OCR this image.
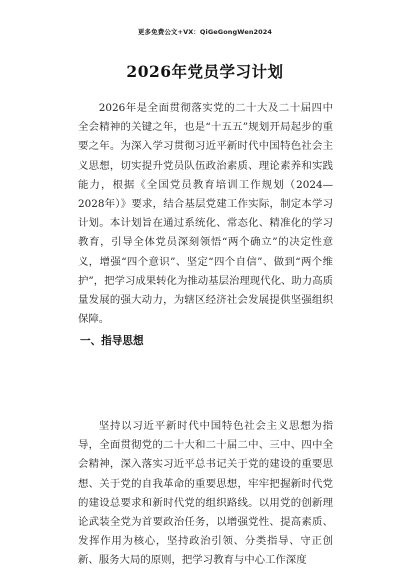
更多免费公文+VX：QiGeGongWen2024
2026年党员学习计划

2026年是全面贯彻落实党的二十大及二十届四中全会精神的关键之年，也是“十五五”规划开局起步的重要之年。为深入学习贯彻习近平新时代中国特色社会主义思想，切实提升党员队伍政治素质、理论素养和实践能力，根据《全国党员教育培训工作规划（2024—2028年）》要求，结合基层党建工作实际，制定本学习计划。本计划旨在通过系统化、常态化、精准化的学习教育，引导全体党员深刻领悟“两个确立”的决定性意义，增强“四个意识”、坚定“四个自信”、做到“两个维护”，把学习成果转化为推动基层治理现代化、助力高质量发展的强大动力，为辖区经济社会发展提供坚强组织保障。

一、指导思想

坚持以习近平新时代中国特色社会主义思想为指导，全面贯彻党的二十大和二十届二中、三中、四中全会精神，深入落实习近平总书记关于党的建设的重要思想、关于党的自我革命的重要思想，牢牢把握新时代党的建设总要求和新时代党的组织路线。以用党的创新理论武装全党为首要政治任务，以增强党性、提高素质、发挥作用为核心，坚持政治引领、分类指导、守正创新、服务大局的原则，把学习教育与中心工作深度
